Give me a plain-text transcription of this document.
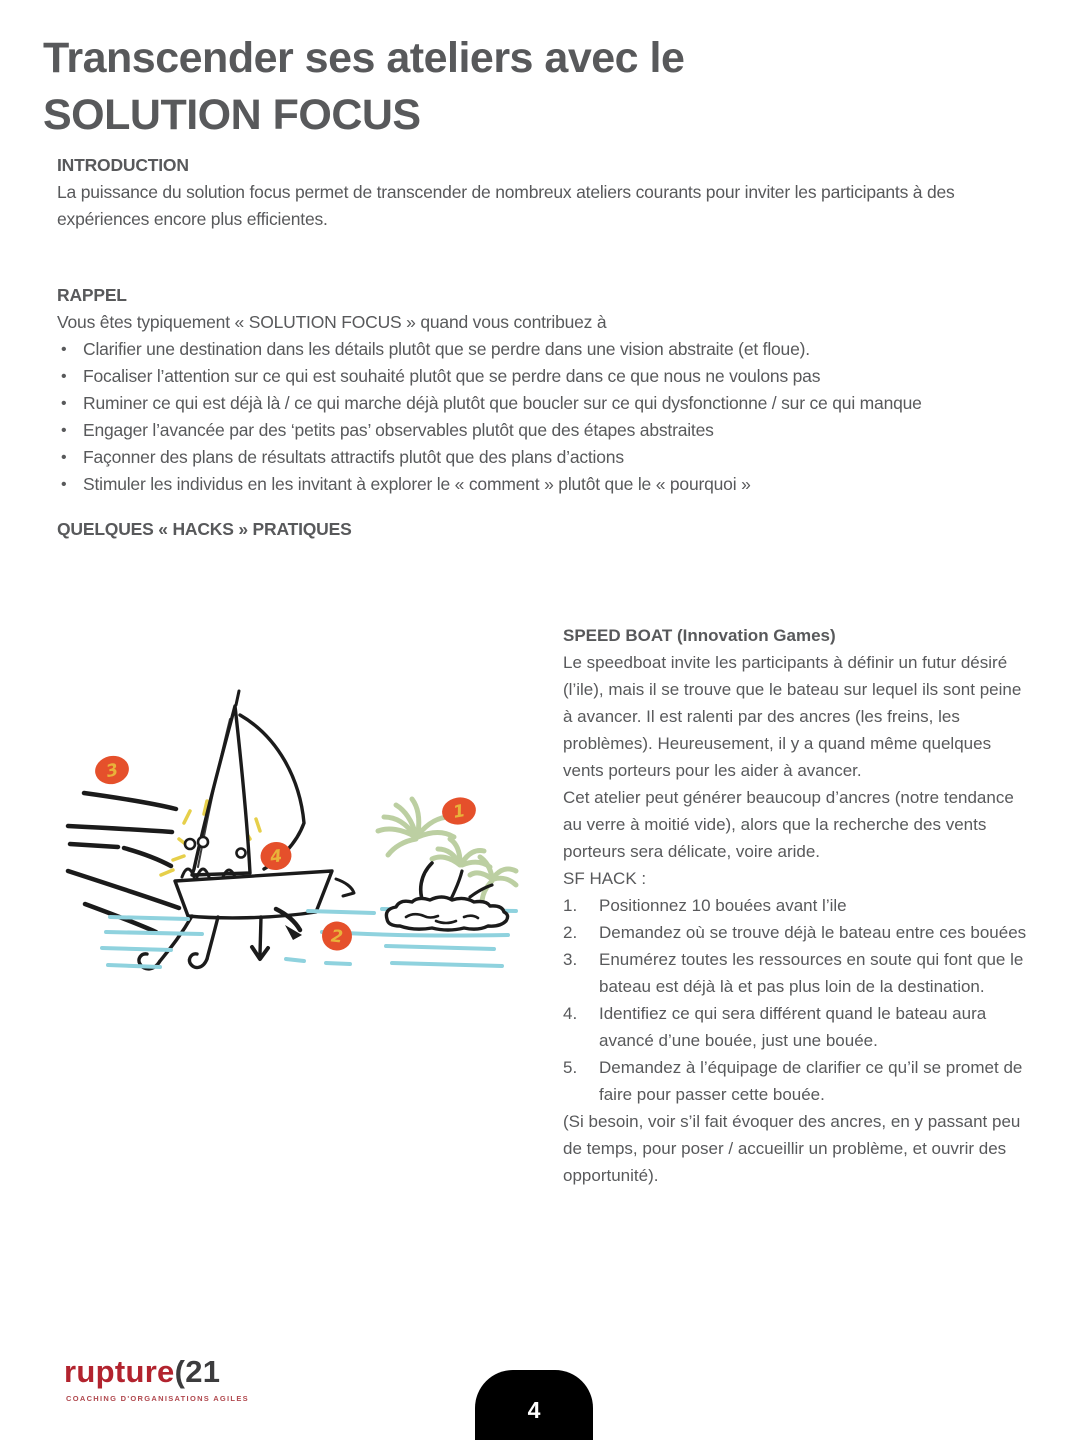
Transcender ses ateliers avec le
SOLUTION FOCUS
INTRODUCTION
La puissance du solution focus permet de transcender de nombreux ateliers courants pour inviter les participants à des expériences encore plus efficientes.
RAPPEL
Vous êtes typiquement « SOLUTION FOCUS » quand vous contribuez à
• Clarifier une destination dans les détails plutôt que se perdre dans une vision abstraite (et floue).
• Focaliser l’attention sur ce qui est souhaité plutôt que se perdre dans ce que nous ne voulons pas
• Ruminer ce qui est déjà là / ce qui marche déjà plutôt que boucler sur ce qui dysfonctionne / sur ce qui manque
• Engager l’avancée par des ‘petits pas’ observables plutôt que des étapes abstraites
• Façonner des plans de résultats attractifs plutôt que des plans d’actions
• Stimuler les individus en les invitant à explorer le « comment » plutôt que le « pourquoi »
QUELQUES « HACKS » PRATIQUES
3
4
1
2
SPEED BOAT (Innovation Games)
Le speedboat invite les participants à définir un futur désiré (l’ile), mais il se trouve que le bateau sur lequel ils sont peine à avancer. Il est ralenti par des ancres (les freins, les problèmes). Heureusement, il y a quand même quelques vents porteurs pour les aider à avancer.
Cet atelier peut générer beaucoup d’ancres (notre tendance au verre à moitié vide), alors que la recherche des vents porteurs sera délicate, voire aride.
SF HACK :
1.	Positionnez 10 bouées avant l’ile
2.	Demandez où se trouve déjà le bateau entre ces bouées
3.	Enumérez toutes les ressources en soute qui font que le bateau est déjà là et pas plus loin de la destination.
4.	Identifiez ce qui sera différent quand le bateau aura avancé d’une bouée, just une bouée.
5.	Demandez à l’équipage de clarifier ce qu’il se promet de faire pour passer cette bouée.
(Si besoin, voir s’il fait évoquer des ancres, en y passant peu de temps, pour poser / accueillir un problème, et ouvrir des opportunité).
rupture(21
COACHING D'ORGANISATIONS AGILES	4
